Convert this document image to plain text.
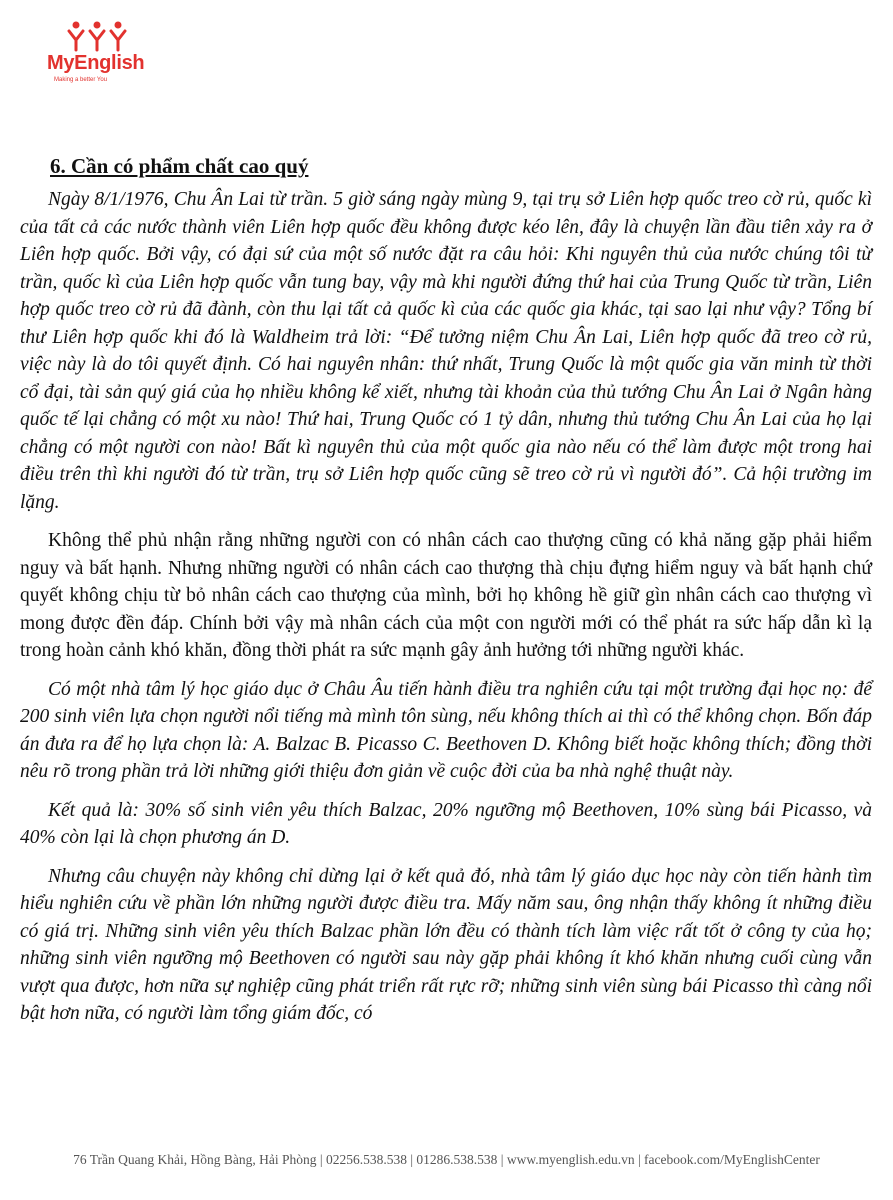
MyEnglish
Making a better You
6. Cần có phẩm chất cao quý

Ngày 8/1/1976, Chu Ân Lai từ trần. 5 giờ sáng ngày mùng 9, tại trụ sở Liên hợp quốc treo cờ rủ, quốc kì của tất cả các nước thành viên Liên hợp quốc đều không được kéo lên, đây là chuyện lần đầu tiên xảy ra ở Liên hợp quốc. Bởi vậy, có đại sứ của một số nước đặt ra câu hỏi: Khi nguyên thủ của nước chúng tôi từ trần, quốc kì của Liên hợp quốc vẫn tung bay, vậy mà khi người đứng thứ hai của Trung Quốc từ trần, Liên hợp quốc treo cờ rủ đã đành, còn thu lại tất cả quốc kì của các quốc gia khác, tại sao lại như vậy? Tổng bí thư Liên hợp quốc khi đó là Waldheim trả lời: “Để tưởng niệm Chu Ân Lai, Liên hợp quốc đã treo cờ rủ, việc này là do tôi quyết định. Có hai nguyên nhân: thứ nhất, Trung Quốc là một quốc gia văn minh từ thời cổ đại, tài sản quý giá của họ nhiều không kể xiết, nhưng tài khoản của thủ tướng Chu Ân Lai ở Ngân hàng quốc tế lại chẳng có một xu nào! Thứ hai, Trung Quốc có 1 tỷ dân, nhưng thủ tướng Chu Ân Lai của họ lại chẳng có một người con nào! Bất kì nguyên thủ của một quốc gia nào nếu có thể làm được một trong hai điều trên thì khi người đó từ trần, trụ sở Liên hợp quốc cũng sẽ treo cờ rủ vì người đó”. Cả hội trường im lặng.

Không thể phủ nhận rằng những người con có nhân cách cao thượng cũng có khả năng gặp phải hiểm nguy và bất hạnh. Nhưng những người có nhân cách cao thượng thà chịu đựng hiểm nguy và bất hạnh chứ quyết không chịu từ bỏ nhân cách cao thượng của mình, bởi họ không hề giữ gìn nhân cách cao thượng vì mong được đền đáp. Chính bởi vậy mà nhân cách của một con người mới có thể phát ra sức hấp dẫn kì lạ trong hoàn cảnh khó khăn, đồng thời phát ra sức mạnh gây ảnh hưởng tới những người khác.

Có một nhà tâm lý học giáo dục ở Châu Âu tiến hành điều tra nghiên cứu tại một trường đại học nọ: để 200 sinh viên lựa chọn người nổi tiếng mà mình tôn sùng, nếu không thích ai thì có thể không chọn. Bốn đáp án đưa ra để họ lựa chọn là: A. Balzac B. Picasso C. Beethoven D. Không biết hoặc không thích; đồng thời nêu rõ trong phần trả lời những giới thiệu đơn giản về cuộc đời của ba nhà nghệ thuật này.

Kết quả là: 30% số sinh viên yêu thích Balzac, 20% ngưỡng mộ Beethoven, 10% sùng bái Picasso, và 40% còn lại là chọn phương án D.

Nhưng câu chuyện này không chỉ dừng lại ở kết quả đó, nhà tâm lý giáo dục học này còn tiến hành tìm hiểu nghiên cứu về phần lớn những người được điều tra. Mấy năm sau, ông nhận thấy không ít những điều có giá trị. Những sinh viên yêu thích Balzac phần lớn đều có thành tích làm việc rất tốt ở công ty của họ; những sinh viên ngưỡng mộ Beethoven có người sau này gặp phải không ít khó khăn nhưng cuối cùng vẫn vượt qua được, hơn nữa sự nghiệp cũng phát triển rất rực rỡ; những sinh viên sùng bái Picasso thì càng nổi bật hơn nữa, có người làm tổng giám đốc, có

76 Trần Quang Khải, Hồng Bàng, Hải Phòng | 02256.538.538 | 01286.538.538 | www.myenglish.edu.vn | facebook.com/MyEnglishCenter
